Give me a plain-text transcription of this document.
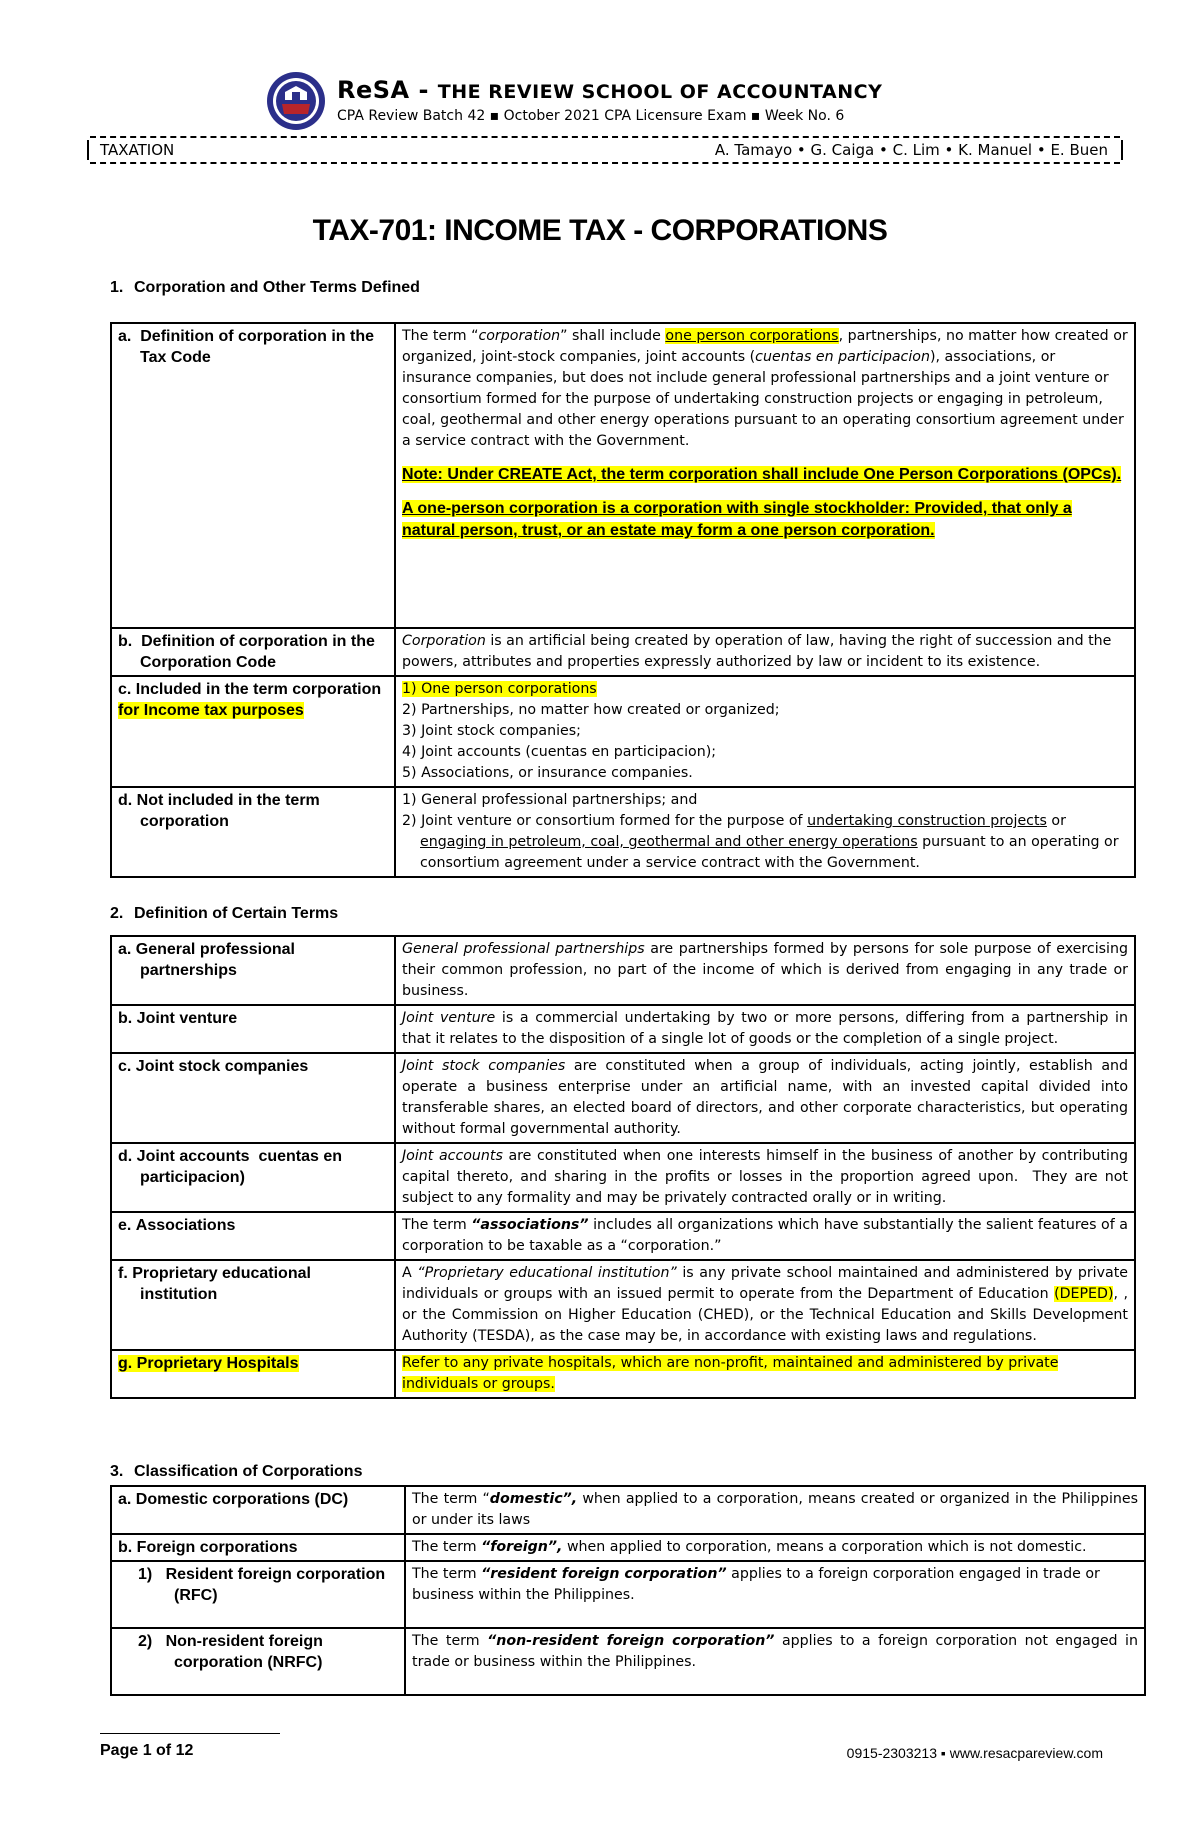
ReSA - THE REVIEW SCHOOL OF ACCOUNTANCY
CPA Review Batch 42 ▪ October 2021 CPA Licensure Exam ▪ Week No. 6
TAXATION	A. Tamayo • G. Caiga • C. Lim • K. Manuel • E. Buen
TAX-701: INCOME TAX - CORPORATIONS
1. Corporation and Other Terms Defined
a.  Definition of corporation in the Tax Code	The term “corporation” shall include one person corporations, partnerships, no matter how created or organized, joint-stock companies, joint accounts (cuentas en participacion), associations, or insurance companies, but does not include general professional partnerships and a joint venture or consortium formed for the purpose of undertaking construction projects or engaging in petroleum, coal, geothermal and other energy operations pursuant to an operating consortium agreement under a service contract with the Government.

Note: Under CREATE Act, the term corporation shall include One Person Corporations (OPCs).

A one-person corporation is a corporation with single stockholder: Provided, that only a natural person, trust, or an estate may form a one person corporation.

b.  Definition of corporation in the Corporation Code	Corporation is an artificial being created by operation of law, having the right of succession and the powers, attributes and properties expressly authorized by law or incident to its existence.

c. Included in the term corporation for Income tax purposes	1) One person corporations
2) Partnerships, no matter how created or organized;
3) Joint stock companies;
4) Joint accounts (cuentas en participacion);
5) Associations, or insurance companies.

d. Not included in the term corporation	1) General professional partnerships; and
2) Joint venture or consortium formed for the purpose of undertaking construction projects or engaging in petroleum, coal, geothermal and other energy operations pursuant to an operating or consortium agreement under a service contract with the Government.
2. Definition of Certain Terms
a. General professional partnerships	General professional partnerships are partnerships formed by persons for sole purpose of exercising their common profession, no part of the income of which is derived from engaging in any trade or business.

b. Joint venture	Joint venture is a commercial undertaking by two or more persons, differing from a partnership in that it relates to the disposition of a single lot of goods or the completion of a single project.

c. Joint stock companies	Joint stock companies are constituted when a group of individuals, acting jointly, establish and operate a business enterprise under an artificial name, with an invested capital divided into transferable shares, an elected board of directors, and other corporate characteristics, but operating without formal governmental authority.

d. Joint accounts  cuentas en participacion)	Joint accounts are constituted when one interests himself in the business of another by contributing capital thereto, and sharing in the profits or losses in the proportion agreed upon.  They are not subject to any formality and may be privately contracted orally or in writing.

e. Associations	The term “associations” includes all organizations which have substantially the salient features of a corporation to be taxable as a “corporation.”

f. Proprietary educational institution	A “Proprietary educational institution” is any private school maintained and administered by private individuals or groups with an issued permit to operate from the Department of Education (DEPED), , or the Commission on Higher Education (CHED), or the Technical Education and Skills Development Authority (TESDA), as the case may be, in accordance with existing laws and regulations.

g. Proprietary Hospitals	Refer to any private hospitals, which are non-profit, maintained and administered by private individuals or groups.
3. Classification of Corporations
a. Domestic corporations (DC)	The term “domestic”, when applied to a corporation, means created or organized in the Philippines or under its laws

b. Foreign corporations	The term “foreign”, when applied to corporation, means a corporation which is not domestic.

1)   Resident foreign corporation (RFC)	The term “resident foreign corporation” applies to a foreign corporation engaged in trade or business within the Philippines.

2)   Non-resident foreign corporation (NRFC)	The term “non-resident foreign corporation” applies to a foreign corporation not engaged in trade or business within the Philippines.
Page 1 of 12	0915-2303213 ▪ www.resacpareview.com
